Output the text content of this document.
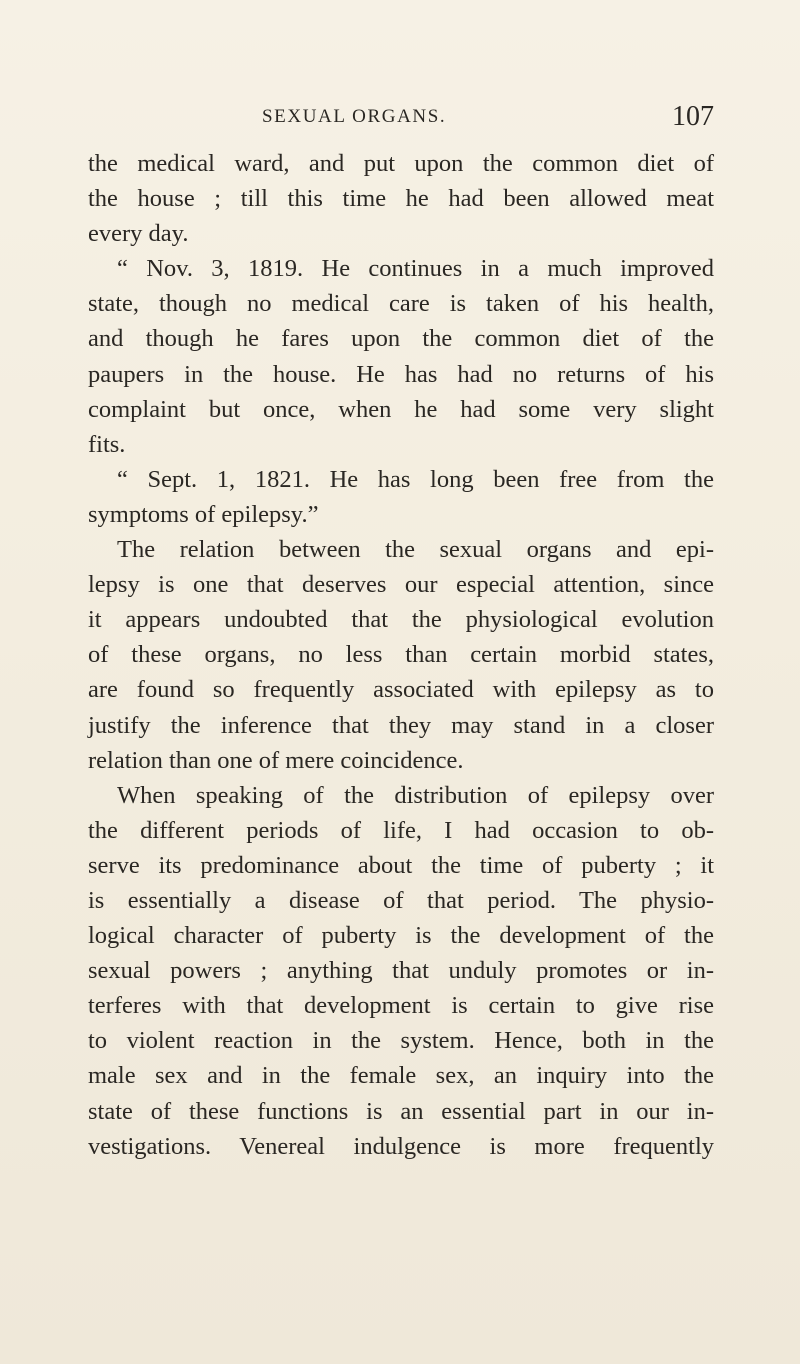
SEXUAL ORGANS.	107
the medical ward, and put upon the common diet of
the house ; till this time he had been allowed meat
every day.
“ Nov. 3, 1819. He continues in a much improved
state, though no medical care is taken of his health,
and though he fares upon the common diet of the
paupers in the house. He has had no returns of his
complaint but once, when he had some very slight
fits.
“ Sept. 1, 1821. He has long been free from the
symptoms of epilepsy.”
The relation between the sexual organs and epi-
lepsy is one that deserves our especial attention, since
it appears undoubted that the physiological evolution
of these organs, no less than certain morbid states,
are found so frequently associated with epilepsy as to
justify the inference that they may stand in a closer
relation than one of mere coincidence.
When speaking of the distribution of epilepsy over
the different periods of life, I had occasion to ob-
serve its predominance about the time of puberty ; it
is essentially a disease of that period. The physio-
logical character of puberty is the development of the
sexual powers ; anything that unduly promotes or in-
terferes with that development is certain to give rise
to violent reaction in the system. Hence, both in the
male sex and in the female sex, an inquiry into the
state of these functions is an essential part in our in-
vestigations. Venereal indulgence is more frequently
